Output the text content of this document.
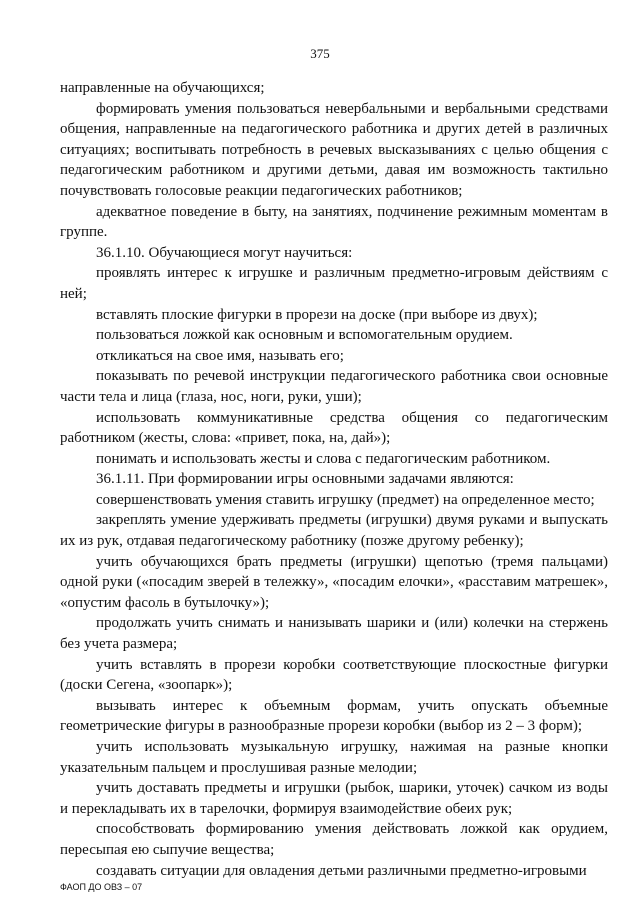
375

направленные на обучающихся;

формировать умения пользоваться невербальными и вербальными средствами общения, направленные на педагогического работника и других детей в различных ситуациях; воспитывать потребность в речевых высказываниях с целью общения с педагогическим работником и другими детьми, давая им возможность тактильно почувствовать голосовые реакции педагогических работников;

адекватное поведение в быту, на занятиях, подчинение режимным моментам в группе.

36.1.10. Обучающиеся могут научиться:

проявлять интерес к игрушке и различным предметно-игровым действиям с ней;

вставлять плоские фигурки в прорези на доске (при выборе из двух);

пользоваться ложкой как основным и вспомогательным орудием.

откликаться на свое имя, называть его;

показывать по речевой инструкции педагогического работника свои основные части тела и лица (глаза, нос, ноги, руки, уши);

использовать коммуникативные средства общения со педагогическим работником (жесты, слова: «привет, пока, на, дай»);

понимать и использовать жесты и слова с педагогическим работником.

36.1.11. При формировании игры основными задачами являются:

совершенствовать умения ставить игрушку (предмет) на определенное место;

закреплять умение удерживать предметы (игрушки) двумя руками и выпускать их из рук, отдавая педагогическому работнику (позже другому ребенку);

учить обучающихся брать предметы (игрушки) щепотью (тремя пальцами) одной руки («посадим зверей в тележку», «посадим елочки», «расставим матрешек», «опустим фасоль в бутылочку»);

продолжать учить снимать и нанизывать шарики и (или) колечки на стержень без учета размера;

учить вставлять в прорези коробки соответствующие плоскостные фигурки (доски Сегена, «зоопарк»);

вызывать интерес к объемным формам, учить опускать объемные геометрические фигуры в разнообразные прорези коробки (выбор из 2 – 3 форм);

учить использовать музыкальную игрушку, нажимая на разные кнопки указательным пальцем и прослушивая разные мелодии;

учить доставать предметы и игрушки (рыбок, шарики, уточек) сачком из воды и перекладывать их в тарелочки, формируя взаимодействие обеих рук;

способствовать формированию умения действовать ложкой как орудием, пересыпая ею сыпучие вещества;

создавать ситуации для овладения детьми различными предметно-игровыми

ФАОП ДО ОВЗ – 07
